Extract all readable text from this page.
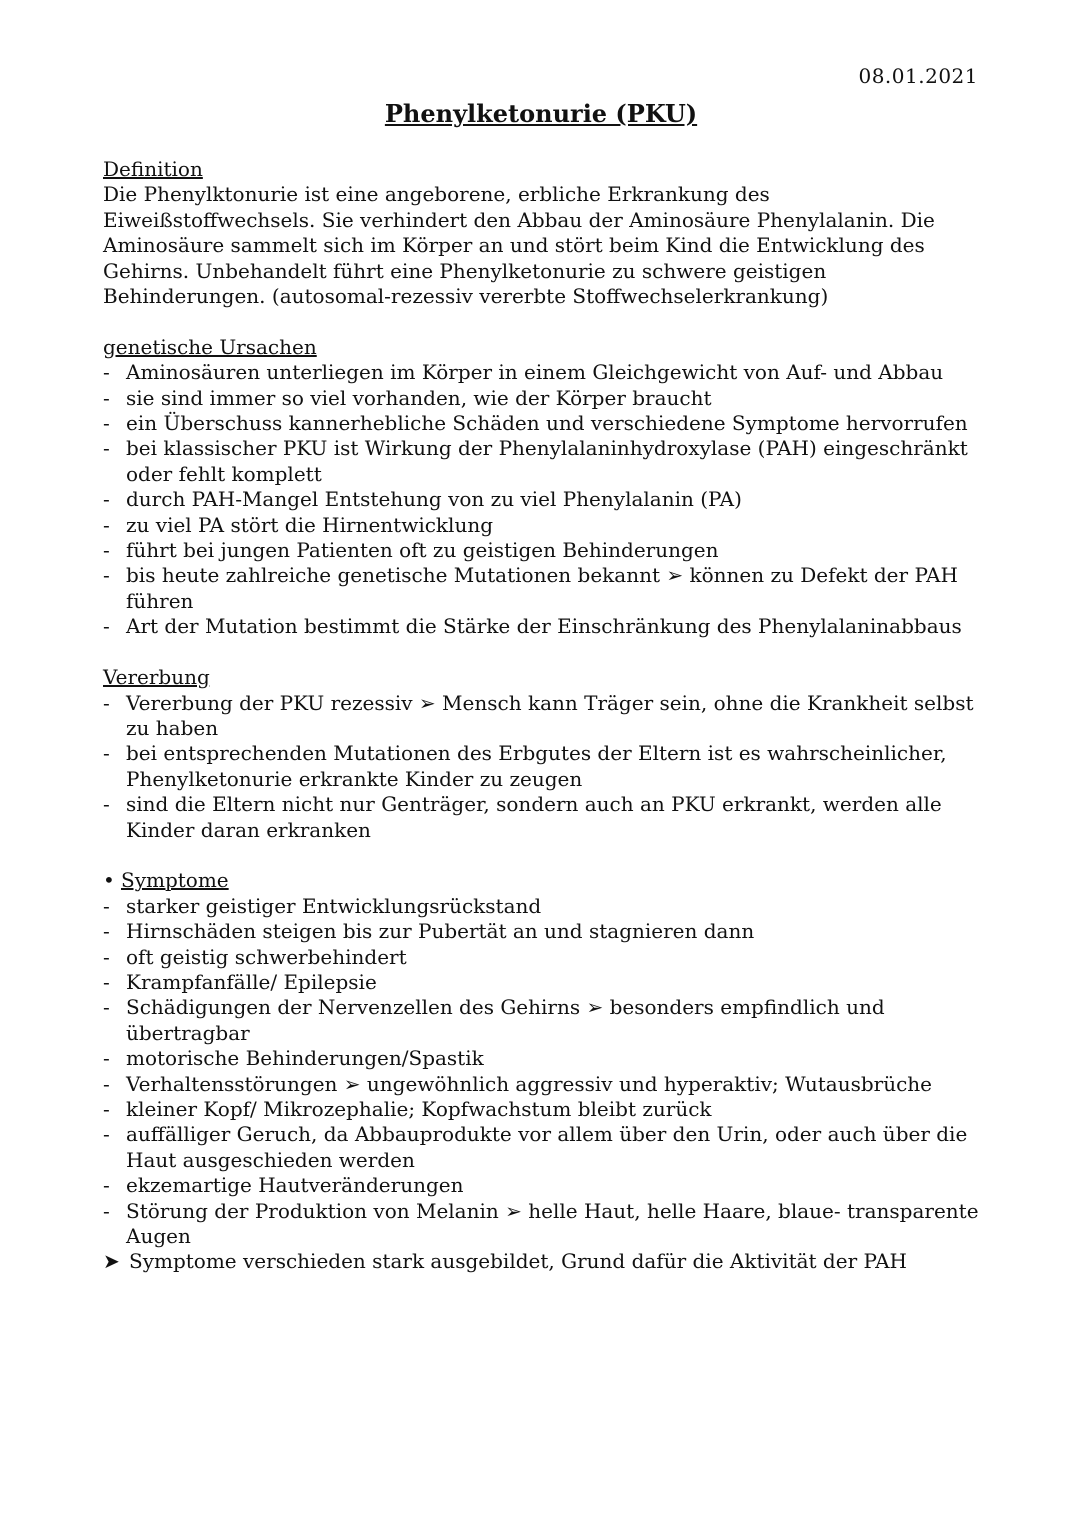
08.01.2021
Phenylketonurie (PKU)
Definition

Die Phenylktonurie ist eine angeborene, erbliche Erkrankung des Eiweißstoffwechsels. Sie verhindert den Abbau der Aminosäure Phenylalanin. Die Aminosäure sammelt sich im Körper an und stört beim Kind die Entwicklung des Gehirns. Unbehandelt führt eine Phenylketonurie zu schwere geistigen Behinderungen. (autosomal-rezessiv vererbte Stoffwechselerkrankung)

genetische Ursachen
- Aminosäuren unterliegen im Körper in einem Gleichgewicht von Auf- und Abbau
- sie sind immer so viel vorhanden, wie der Körper braucht
- ein Überschuss kannerhebliche Schäden und verschiedene Symptome hervorrufen
- bei klassischer PKU ist Wirkung der Phenylalaninhydroxylase (PAH) eingeschränkt oder fehlt komplett
- durch PAH-Mangel Entstehung von zu viel Phenylalanin (PA)
- zu viel PA stört die Hirnentwicklung
- führt bei jungen Patienten oft zu geistigen Behinderungen
- bis heute zahlreiche genetische Mutationen bekannt ➢ können zu Defekt der PAH führen
- Art der Mutation bestimmt die Stärke der Einschränkung des Phenylalaninabbaus
Vererbung
- Vererbung der PKU rezessiv ➢ Mensch kann Träger sein, ohne die Krankheit selbst zu haben
- bei entsprechenden Mutationen des Erbgutes der Eltern ist es wahrscheinlicher, Phenylketonurie erkrankte Kinder zu zeugen
- sind die Eltern nicht nur Genträger, sondern auch an PKU erkrankt, werden alle Kinder daran erkranken
• Symptome
- starker geistiger Entwicklungsrückstand
- Hirnschäden steigen bis zur Pubertät an und stagnieren dann
- oft geistig schwerbehindert
- Krampfanfälle/ Epilepsie
- Schädigungen der Nervenzellen des Gehirns ➢ besonders empfindlich und übertragbar
- motorische Behinderungen/Spastik
- Verhaltensstörungen ➢ ungewöhnlich aggressiv und hyperaktiv; Wutausbrüche
- kleiner Kopf/ Mikrozephalie; Kopfwachstum bleibt zurück
- auffälliger Geruch, da Abbauprodukte vor allem über den Urin, oder auch über die Haut ausgeschieden werden
- ekzemartige Hautveränderungen
- Störung der Produktion von Melanin ➢ helle Haut, helle Haare, blaue- transparente Augen
➤ Symptome verschieden stark ausgebildet, Grund dafür die Aktivität der PAH
